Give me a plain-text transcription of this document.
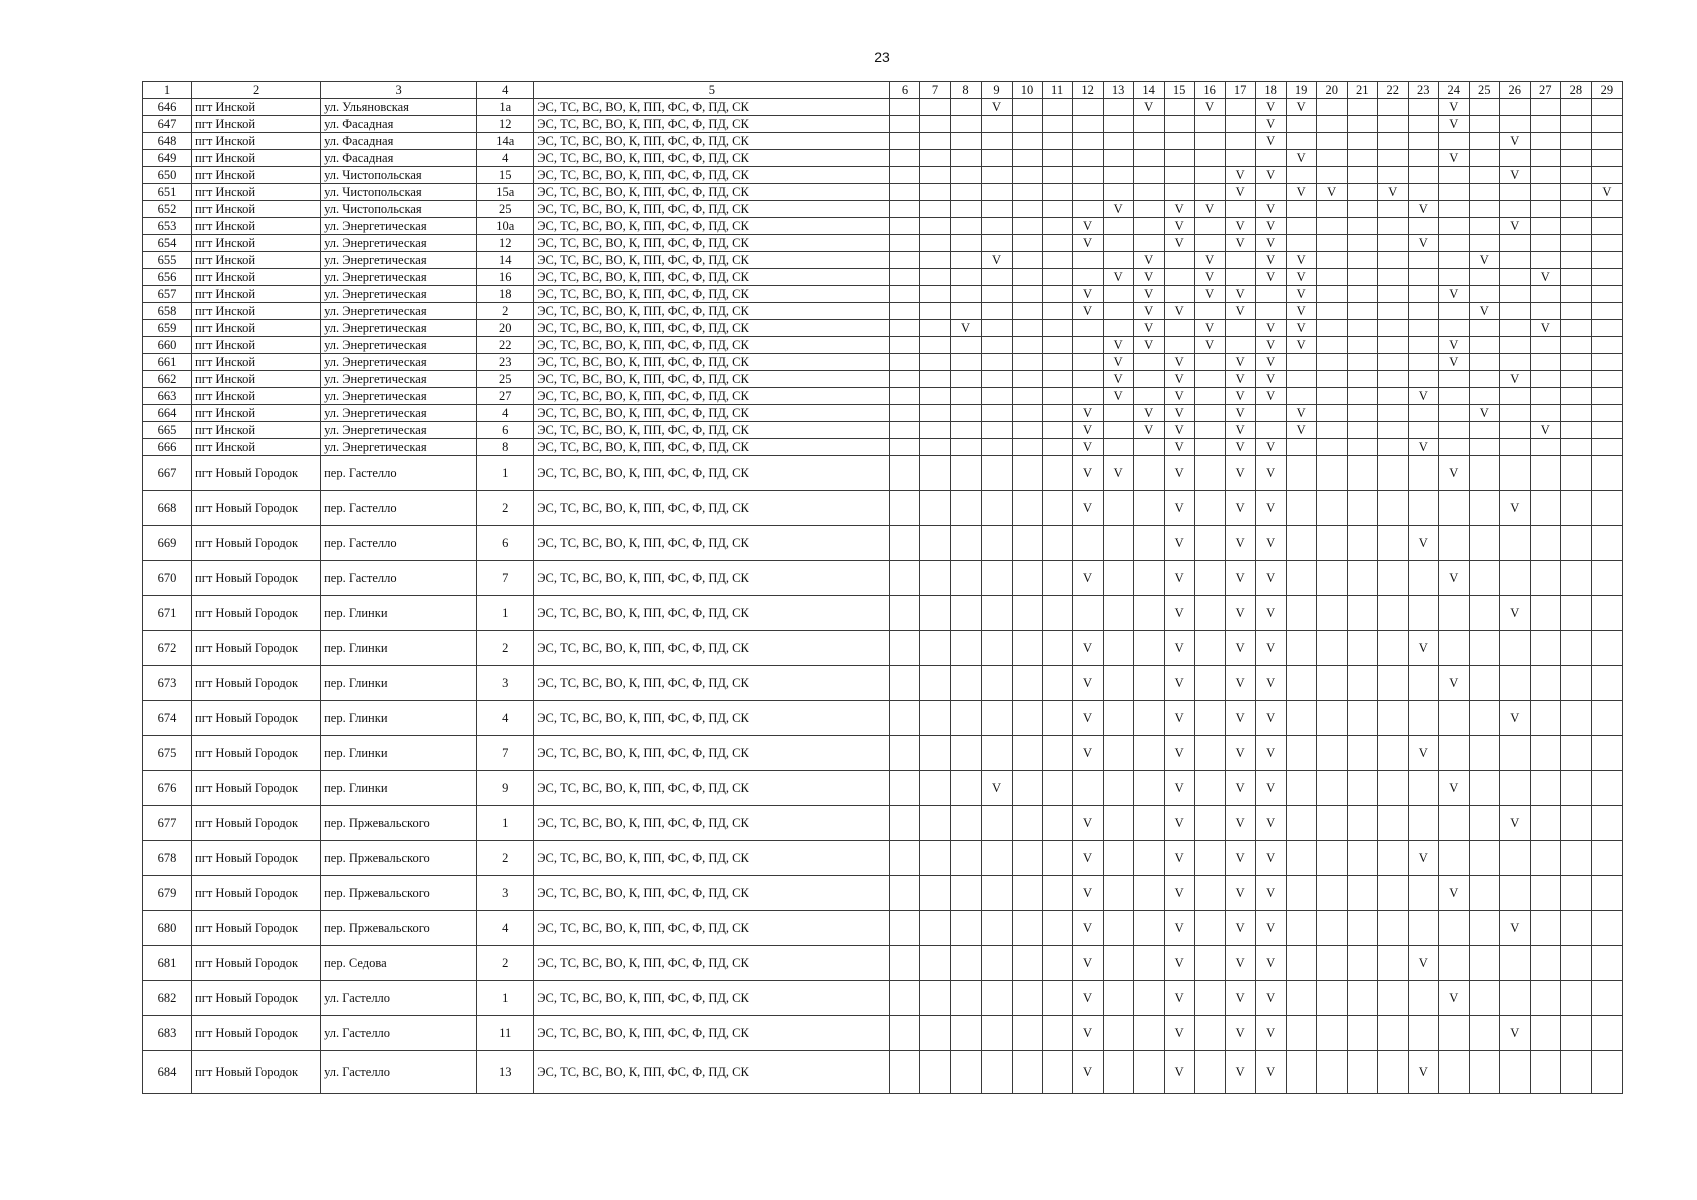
23
1	2	3	4	5	6	7	8	9	10	11	12	13	14	15	16	17	18	19	20	21	22	23	24	25	26	27	28	29
646	пгт Инской	ул. Ульяновская	1а	ЭС, ТС, ВС, ВО, К, ПП, ФС, Ф, ПД, СК				V					V		V		V	V					V					
647	пгт Инской	ул. Фасадная	12	ЭС, ТС, ВС, ВО, К, ПП, ФС, Ф, ПД, СК													V						V					
648	пгт Инской	ул. Фасадная	14а	ЭС, ТС, ВС, ВО, К, ПП, ФС, Ф, ПД, СК													V								V			
649	пгт Инской	ул. Фасадная	4	ЭС, ТС, ВС, ВО, К, ПП, ФС, Ф, ПД, СК														V					V					
650	пгт Инской	ул. Чистопольская	15	ЭС, ТС, ВС, ВО, К, ПП, ФС, Ф, ПД, СК												V	V								V			
651	пгт Инской	ул. Чистопольская	15а	ЭС, ТС, ВС, ВО, К, ПП, ФС, Ф, ПД, СК												V		V	V		V							V
652	пгт Инской	ул. Чистопольская	25	ЭС, ТС, ВС, ВО, К, ПП, ФС, Ф, ПД, СК								V		V	V		V					V						
653	пгт Инской	ул. Энергетическая	10а	ЭС, ТС, ВС, ВО, К, ПП, ФС, Ф, ПД, СК							V			V		V	V								V			
654	пгт Инской	ул. Энергетическая	12	ЭС, ТС, ВС, ВО, К, ПП, ФС, Ф, ПД, СК							V			V		V	V					V						
655	пгт Инской	ул. Энергетическая	14	ЭС, ТС, ВС, ВО, К, ПП, ФС, Ф, ПД, СК				V					V		V		V	V						V				
656	пгт Инской	ул. Энергетическая	16	ЭС, ТС, ВС, ВО, К, ПП, ФС, Ф, ПД, СК								V	V		V		V	V								V		
657	пгт Инской	ул. Энергетическая	18	ЭС, ТС, ВС, ВО, К, ПП, ФС, Ф, ПД, СК							V		V		V	V		V					V					
658	пгт Инской	ул. Энергетическая	2	ЭС, ТС, ВС, ВО, К, ПП, ФС, Ф, ПД, СК							V		V	V		V		V						V				
659	пгт Инской	ул. Энергетическая	20	ЭС, ТС, ВС, ВО, К, ПП, ФС, Ф, ПД, СК			V						V		V		V	V								V		
660	пгт Инской	ул. Энергетическая	22	ЭС, ТС, ВС, ВО, К, ПП, ФС, Ф, ПД, СК								V	V		V		V	V					V					
661	пгт Инской	ул. Энергетическая	23	ЭС, ТС, ВС, ВО, К, ПП, ФС, Ф, ПД, СК								V		V		V	V						V					
662	пгт Инской	ул. Энергетическая	25	ЭС, ТС, ВС, ВО, К, ПП, ФС, Ф, ПД, СК								V		V		V	V								V			
663	пгт Инской	ул. Энергетическая	27	ЭС, ТС, ВС, ВО, К, ПП, ФС, Ф, ПД, СК								V		V		V	V					V						
664	пгт Инской	ул. Энергетическая	4	ЭС, ТС, ВС, ВО, К, ПП, ФС, Ф, ПД, СК							V		V	V		V		V						V				
665	пгт Инской	ул. Энергетическая	6	ЭС, ТС, ВС, ВО, К, ПП, ФС, Ф, ПД, СК							V		V	V		V		V								V		
666	пгт Инской	ул. Энергетическая	8	ЭС, ТС, ВС, ВО, К, ПП, ФС, Ф, ПД, СК							V			V		V	V					V						
667	пгт Новый Городок	пер. Гастелло	1	ЭС, ТС, ВС, ВО, К, ПП, ФС, Ф, ПД, СК							V	V		V		V	V						V					
668	пгт Новый Городок	пер. Гастелло	2	ЭС, ТС, ВС, ВО, К, ПП, ФС, Ф, ПД, СК							V			V		V	V								V			
669	пгт Новый Городок	пер. Гастелло	6	ЭС, ТС, ВС, ВО, К, ПП, ФС, Ф, ПД, СК										V		V	V					V						
670	пгт Новый Городок	пер. Гастелло	7	ЭС, ТС, ВС, ВО, К, ПП, ФС, Ф, ПД, СК							V			V		V	V						V					
671	пгт Новый Городок	пер. Глинки	1	ЭС, ТС, ВС, ВО, К, ПП, ФС, Ф, ПД, СК										V		V	V								V			
672	пгт Новый Городок	пер. Глинки	2	ЭС, ТС, ВС, ВО, К, ПП, ФС, Ф, ПД, СК							V			V		V	V					V						
673	пгт Новый Городок	пер. Глинки	3	ЭС, ТС, ВС, ВО, К, ПП, ФС, Ф, ПД, СК							V			V		V	V						V					
674	пгт Новый Городок	пер. Глинки	4	ЭС, ТС, ВС, ВО, К, ПП, ФС, Ф, ПД, СК							V			V		V	V								V			
675	пгт Новый Городок	пер. Глинки	7	ЭС, ТС, ВС, ВО, К, ПП, ФС, Ф, ПД, СК							V			V		V	V					V						
676	пгт Новый Городок	пер. Глинки	9	ЭС, ТС, ВС, ВО, К, ПП, ФС, Ф, ПД, СК				V						V		V	V						V					
677	пгт Новый Городок	пер. Пржевальского	1	ЭС, ТС, ВС, ВО, К, ПП, ФС, Ф, ПД, СК							V			V		V	V								V			
678	пгт Новый Городок	пер. Пржевальского	2	ЭС, ТС, ВС, ВО, К, ПП, ФС, Ф, ПД, СК							V			V		V	V					V						
679	пгт Новый Городок	пер. Пржевальского	3	ЭС, ТС, ВС, ВО, К, ПП, ФС, Ф, ПД, СК							V			V		V	V						V					
680	пгт Новый Городок	пер. Пржевальского	4	ЭС, ТС, ВС, ВО, К, ПП, ФС, Ф, ПД, СК							V			V		V	V								V			
681	пгт Новый Городок	пер. Седова	2	ЭС, ТС, ВС, ВО, К, ПП, ФС, Ф, ПД, СК							V			V		V	V					V						
682	пгт Новый Городок	ул. Гастелло	1	ЭС, ТС, ВС, ВО, К, ПП, ФС, Ф, ПД, СК							V			V		V	V						V					
683	пгт Новый Городок	ул. Гастелло	11	ЭС, ТС, ВС, ВО, К, ПП, ФС, Ф, ПД, СК							V			V		V	V								V			
684	пгт Новый Городок	ул. Гастелло	13	ЭС, ТС, ВС, ВО, К, ПП, ФС, Ф, ПД, СК							V			V		V	V					V						
